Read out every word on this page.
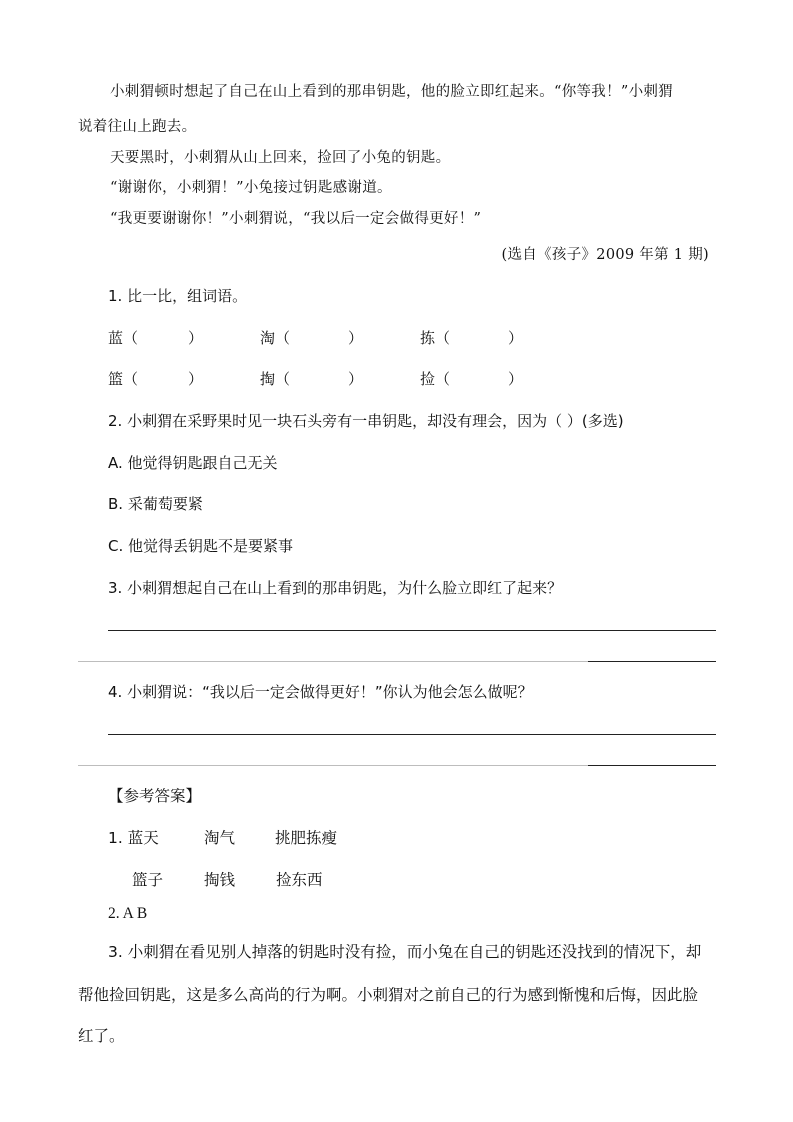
小刺猬顿时想起了自己在山上看到的那串钥匙，他的脸立即红起来。“你等我！”小刺猬
说着往山上跑去。
天要黑时，小刺猬从山上回来，捡回了小兔的钥匙。
“谢谢你，小刺猬！”小兔接过钥匙感谢道。
“我更要谢谢你！”小刺猬说，“我以后一定会做得更好！”
(选自《孩子》2009 年第 1 期)
1. 比一比，组词语。
蓝（	）	淘（	）	拣（	）
篮（	）	掏（	）	捡（	）
2. 小刺猬在采野果时见一块石头旁有一串钥匙，却没有理会，因为（ ）(多选)
A. 他觉得钥匙跟自己无关
B. 采葡萄要紧
C. 他觉得丢钥匙不是要紧事
3. 小刺猬想起自己在山上看到的那串钥匙，为什么脸立即红了起来？
4. 小刺猬说：“我以后一定会做得更好！”你认为他会怎么做呢？
【参考答案】
1. 蓝天	淘气	挑肥拣瘦
篮子	掏钱	捡东西
2. A B
3. 小刺猬在看见别人掉落的钥匙时没有捡，而小兔在自己的钥匙还没找到的情况下，却
帮他捡回钥匙，这是多么高尚的行为啊。小刺猬对之前自己的行为感到惭愧和后悔，因此脸
红了。
